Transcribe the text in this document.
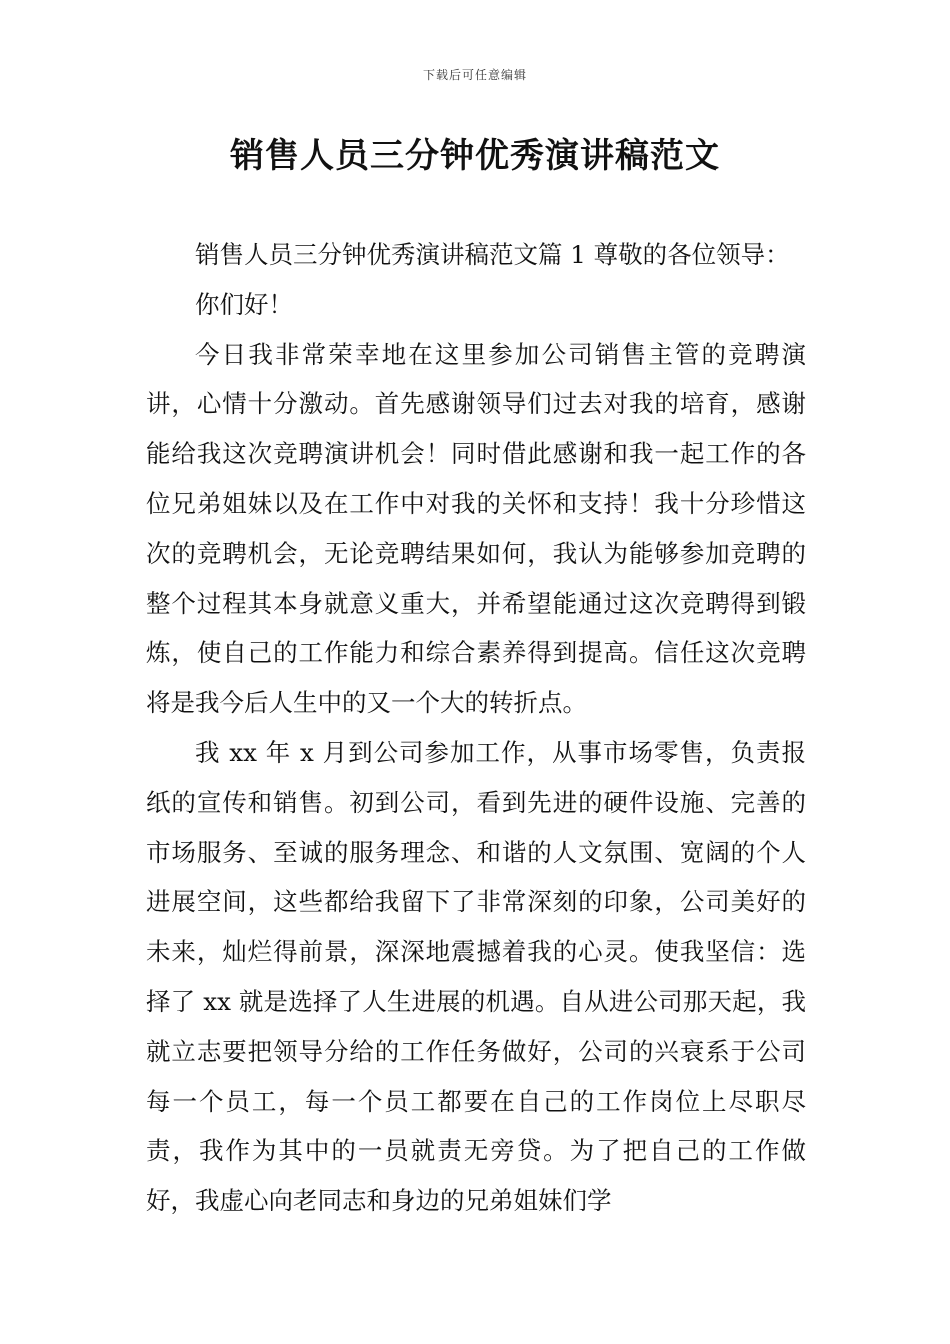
下载后可任意编辑
销售人员三分钟优秀演讲稿范文

销售人员三分钟优秀演讲稿范文篇 1 尊敬的各位领导：

你们好！

今日我非常荣幸地在这里参加公司销售主管的竞聘演讲，心情十分激动。首先感谢领导们过去对我的培育，感谢能给我这次竞聘演讲机会！同时借此感谢和我一起工作的各位兄弟姐妹以及在工作中对我的关怀和支持！我十分珍惜这次的竞聘机会，无论竞聘结果如何，我认为能够参加竞聘的整个过程其本身就意义重大，并希望能通过这次竞聘得到锻炼，使自己的工作能力和综合素养得到提高。信任这次竞聘将是我今后人生中的又一个大的转折点。

我 xx 年 x 月到公司参加工作，从事市场零售，负责报纸的宣传和销售。初到公司，看到先进的硬件设施、完善的市场服务、至诚的服务理念、和谐的人文氛围、宽阔的个人进展空间，这些都给我留下了非常深刻的印象，公司美好的未来，灿烂得前景，深深地震撼着我的心灵。使我坚信：选择了 xx 就是选择了人生进展的机遇。自从进公司那天起，我就立志要把领导分给的工作任务做好，公司的兴衰系于公司每一个员工，每一个员工都要在自己的工作岗位上尽职尽责，我作为其中的一员就责无旁贷。为了把自己的工作做好，我虚心向老同志和身边的兄弟姐妹们学
